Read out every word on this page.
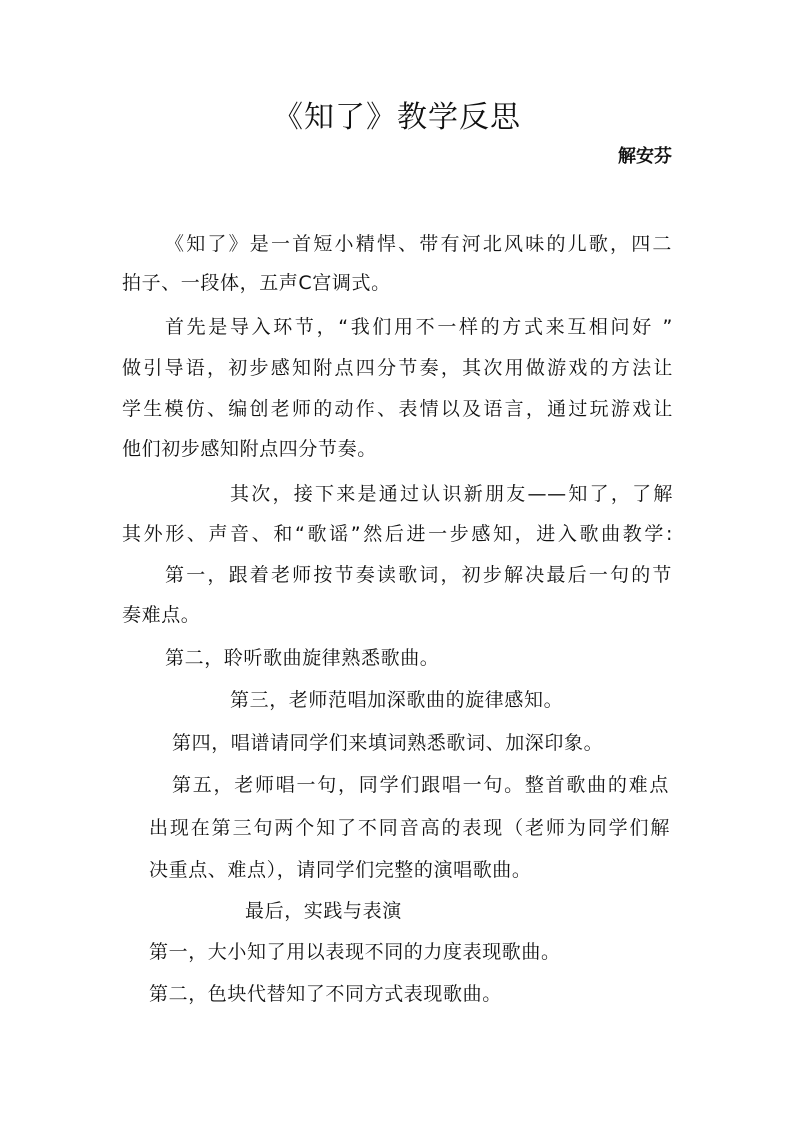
《知了》教学反思
解安芬
《知了》是一首短小精悍、带有河北风味的儿歌，四二
拍子、一段体，五声C宫调式。
首先是导入环节，“我们用不一样的方式来互相问好 ”
做引导语，初步感知附点四分节奏，其次用做游戏的方法让
学生模仿、编创老师的动作、表情以及语言，通过玩游戏让
他们初步感知附点四分节奏。
其次，接下来是通过认识新朋友——知了，了解
其外形、声音、和“歌谣”然后进一步感知，进入歌曲教学:
第一，跟着老师按节奏读歌词，初步解决最后一句的节
奏难点。
第二，聆听歌曲旋律熟悉歌曲。
第三，老师范唱加深歌曲的旋律感知。
第四，唱谱请同学们来填词熟悉歌词、加深印象。
第五，老师唱一句，同学们跟唱一句。整首歌曲的难点
出现在第三句两个知了不同音高的表现（老师为同学们解
决重点、难点），请同学们完整的演唱歌曲。
最后，实践与表演
第一，大小知了用以表现不同的力度表现歌曲。
第二，色块代替知了不同方式表现歌曲。
